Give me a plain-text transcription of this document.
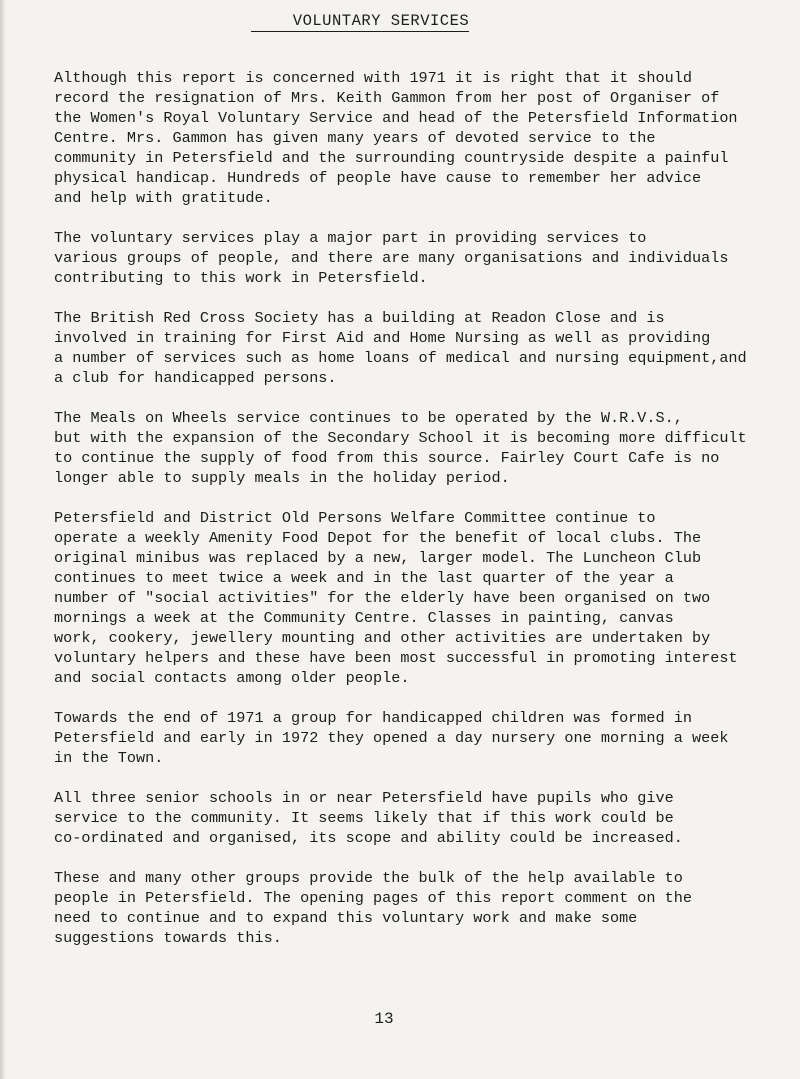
VOLUNTARY SERVICES

Although this report is concerned with 1971 it is right that it should
record the resignation of Mrs. Keith Gammon from her post of Organiser of
the Women's Royal Voluntary Service and head of the Petersfield Information
Centre. Mrs. Gammon has given many years of devoted service to the
community in Petersfield and the surrounding countryside despite a painful
physical handicap. Hundreds of people have cause to remember her advice
and help with gratitude.

The voluntary services play a major part in providing services to
various groups of people, and there are many organisations and individuals
contributing to this work in Petersfield.

The British Red Cross Society has a building at Readon Close and is
involved in training for First Aid and Home Nursing as well as providing
a number of services such as home loans of medical and nursing equipment,and
a club for handicapped persons.

The Meals on Wheels service continues to be operated by the W.R.V.S.,
but with the expansion of the Secondary School it is becoming more difficult
to continue the supply of food from this source. Fairley Court Cafe is no
longer able to supply meals in the holiday period.

Petersfield and District Old Persons Welfare Committee continue to
operate a weekly Amenity Food Depot for the benefit of local clubs. The
original minibus was replaced by a new, larger model. The Luncheon Club
continues to meet twice a week and in the last quarter of the year a
number of "social activities" for the elderly have been organised on two
mornings a week at the Community Centre. Classes in painting, canvas
work, cookery, jewellery mounting and other activities are undertaken by
voluntary helpers and these have been most successful in promoting interest
and social contacts among older people.

Towards the end of 1971 a group for handicapped children was formed in
Petersfield and early in 1972 they opened a day nursery one morning a week
in the Town.

All three senior schools in or near Petersfield have pupils who give
service to the community. It seems likely that if this work could be
co-ordinated and organised, its scope and ability could be increased.

These and many other groups provide the bulk of the help available to
people in Petersfield. The opening pages of this report comment on the
need to continue and to expand this voluntary work and make some
suggestions towards this.

13
